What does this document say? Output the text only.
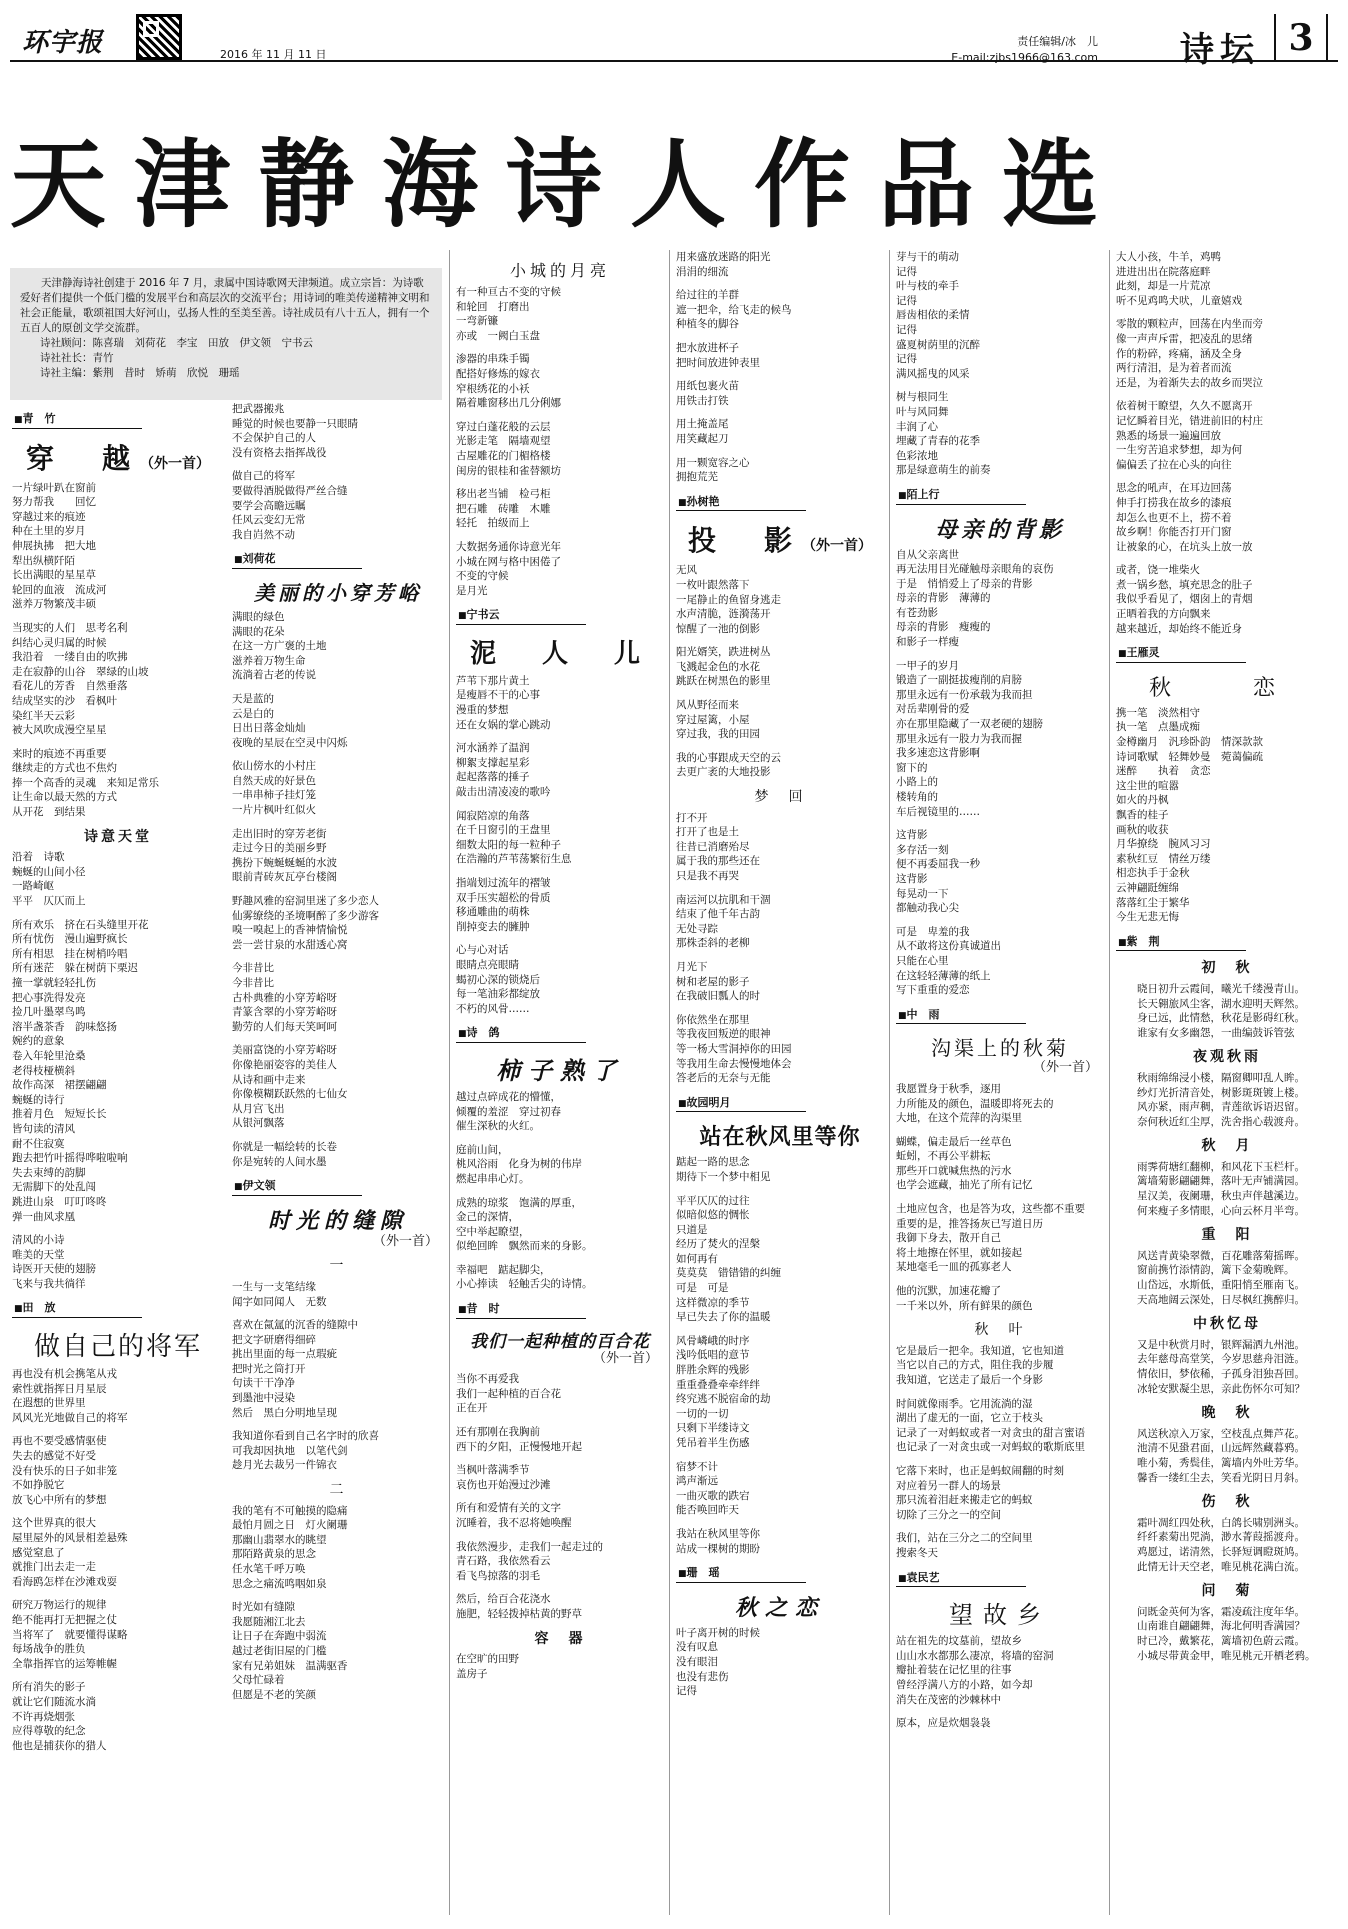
环宇报	2016 年 11 月 11 日
责任编辑/冰　儿
E-mail:zjbs1966@163.com 诗坛 3
天津静海诗人作品选

天津静海诗社创建于 2016 年 7 月，隶属中国诗歌网天津频道。成立宗旨：为诗歌爱好者们提供一个低门槛的发展平台和高层次的交流平台；用诗词的唯美传递精神文明和社会正能量，歌颂祖国大好河山，弘扬人性的至美至善。诗社成员有八十五人，拥有一个五百人的原创文学交流群。

诗社顾问：陈喜瑞　刘荷花　李宝　田放　伊文领　宁书云

诗社社长：青竹

诗社主编：紫荆　昔时　矫萌　欣悦　珊瑶

■ 青　竹
穿　越（外一首）
一片绿叶趴在窗前
努力帮我　　回忆
穿越过来的痕迹
种在土里的岁月
伸展执拂　把大地
犁出纵横阡陌
长出满眼的星星草
轮回的血液　流成河
滋养万物繁茂丰硕
当现实的人们　思考名利
纠结心灵归属的时候
我沿着　一缕自由的吹拂
走在寂静的山谷　翠绿的山坡
看花儿的芳香　自然垂落
结成坚实的沙　看枫叶
染红半天云彩
被大风吹成漫空星星
来时的痕迹不再重要
继续走的方式也不焦灼
捧一个高香的灵魂　来知足常乐
让生命以最天然的方式
从开花　到结果
诗意天堂
沿着　诗歌
蜿蜒的山间小径
一路崎岖
平平　仄仄而上
所有欢乐　挤在石头缝里开花
所有忧伤　漫山遍野疯长
所有相思　挂在树梢吟唱
所有迷茫　躲在树荫下栗迟
撞一掌就轻轻扎伤
把心事洗得发亮
捡几叶墨翠鸟鸣
溶半盏茶香　韵味悠扬
婉约的意象
卷入年轮里沧桑
老得枝桠横斜
故作高深　裙摆翩翩
蜿蜒的诗行
推着月色　短短长长
皆句读的清风
耐不住寂寞
跑去把竹叶摇得哗啦啦响
失去束缚的韵脚
无需脚下的处乱闯
跳进山泉　叮叮咚咚
弹一曲风求凰
清风的小诗
唯美的天堂
诗医开天使的翅膀
飞来与我共徜徉
■ 田　放
做自己的将军
再也没有机会携笔从戎
索性就指挥日月星辰
在遐想的世界里
风风光光地做自己的将军
再也不要受感情驱使
失去的感觉不好受
没有快乐的日子如非笼
不如挣脱它
放飞心中所有的梦想
这个世界真的很大
屋里屋外的风景相差悬殊
感觉窒息了
就推门出去走一走
看海鸥怎样在沙滩戏耍
研究万物运行的规律
绝不能再打无把握之仗
当将军了　就要懂得谋略
每场战争的胜负
全靠指挥官的运筹帷幄
所有消失的影子
就让它们随流水淌
不许再烧烟张
应得尊敬的纪念
他也是捕获你的猎人
把武器搬兆
睡觉的时候也要静一只眼睛
不会保护自己的人
没有资格去指挥战役
做自己的将军
要做得酒脱做得严丝合缝
要学会高瞻远瞩
任风云变幻无常
我自岿然不动
■ 刘荷花
美丽的小穿芳峪
满眼的绿色
满眼的花朵
在这一方广褒的土地
滋养着万物生命
流淌着古老的传说
天是蓝的
云是白的
日出日落金灿灿
夜晚的星辰在空灵中闪烁
依山傍水的小村庄
自然天成的好景色
一串串柿子挂灯笼
一片片枫叶红似火
走出旧时的穿芳老街
走过今日的美丽乡野
携扮下蜿蜒蜒蜒的水波
眼前青砖灰瓦亭台楼阁
野趣风雅的窑洞里迷了多少恋人
仙雾缭绕的圣境啊醉了多少游客
嗅一嗅起上的香神情愉悦
尝一尝甘泉的水甜透心窝
今非昔比
今非昔比
古朴典雅的小穿芳峪呀
青篆含翠的小穿芳峪呀
勤劳的人们每天笑呵呵
美丽富饶的小穿芳峪呀
你像艳丽姿容的美佳人
从诗和画中走来
你像模糊跃跃然的七仙女
从月宫飞出
从银河飘落
你就是一幅绘转的长卷
你是宛转的人间水墨
■ 伊文领
时光的缝隙
（外一首）
一
一生与一支笔结缘
闻字如同闻人　无数
喜欢在氤氲的沉香的缝隙中
把文字研磨得细碎
挑出里面的每一点瑕疵
把时光之筒打开
句读干干净净
到墨池中浸染
然后　黑白分明地呈现
我知道你看到自己名字时的欣喜
可我却因执地　以笔代剑
趁月光去裁另一件锦衣
二
我的笔有不可触摸的隐痛
最怕月圆之日　灯火阑珊
那幽山翡翠水的眺望
那陌路黄泉的思念
任水笔千呼万唤
思念之痛流鸣咽如泉
时光如有缝隙
我愿随湘江北去
让日子在奔跑中弱流
越过老街旧屋的门槛
家有兄弟姐妹　温满驱香
父母忙碌着
但愿是不老的笑颜
小城的月亮
有一种亘古不变的守候
和轮回　打磨出
一弯新镰
亦或　一阙白玉盘
渗器的串珠手镯
配搭好修炼的嫁衣
窄根绣花的小袄
隔着雕窗移出几分俐娜
穿过白蓬花般的云层
光影走笔　隔墙观望
古屋雕花的门楣格楼
闺房的银桂和雀替额坊
移出老当铺　检弓柜
把石雕　砖雕　木雕
轻托　拍级而上
大数据务通你诗意光年
小城在网与格中困倦了
不变的守候
是月光
■ 宁书云
泥　人　儿
芦苇下那片黄土
是瘦唇不干的心事
漫重的梦想
还在女娲的掌心跳动
河水涵养了温润
柳絮支撑起星彩
起起落落的捶子
敲击出清凌凌的歌吟
闻寂陪凉的角落
在千日窗引的王盘里
细数太阳的每一粒种子
在浩瀚的芦苇荡繁衍生息
指端划过流年的褶皱
双手压实超松的骨质
移通雕曲的萌株
削掉变去的臃肿
心与心对话
眼睛点亮眼睛
蝎初心深的锁烧后
每一笔油彩都绽放
不朽的风骨……
■ 诗　鸽
柿子熟了
越过点碎成花的懵懂，
倾覆的羞涩　穿过初春
催生深秋的火红。
庭前山间，
桃风浴雨　化身为树的伟岸
燃起串串心灯。
成熟的琼浆　饱满的厚重，
金己的深情，
空中举起瞭望，
似绝回眸　飘然而来的身影。
幸福吧　踮起脚尖，
小心捧读　轻触舌尖的诗情。
■ 昔　时
我们一起种植的百合花
（外一首）
当你不再爱我
我们一起种植的百合花
正在开
还有那刚在我胸前
西下的夕阳，正慢慢地开起
当枫叶落满季节
哀伤也开始漫过沙滩
所有和爱情有关的文字
沉睡着，我不忍将她唤醒
我依然漫步，走我们一起走过的
青石路，我依然看云
看飞鸟掠落的羽毛
然后，给百合花浇水
施肥，轻轻拨掉枯黄的野草
容　器
在空旷的田野
盖房子
用来盛放迷路的阳光
涓涓的细流
给过往的羊群
遮一把伞，给飞走的候鸟
种植冬的脚谷
把水放进杯子
把时间放进钟表里
用纸包裹火苗
用铁击打铁
用土掩盖尾
用笑藏起刀
用一颗宽容之心
拥抱荒芜
■ 孙树艳
投　影（外一首）
无风
一枚叶跟然落下
一尾静止的鱼留身逃走
水声清脆，涟漪荡开
惊醒了一池的倒影
阳光婿笑，跌进树丛
飞溅起金色的水花
跳跃在树黑色的影里
风从野径而来
穿过屋篱，小屋
穿过我，我的田园
我的心事跟成天空的云
去更广袤的大地投影
梦　回
打不开
打开了也是土
往昔已消磨殆尽
属于我的那些还在
只是我不再哭
南运河以抗肌和干涸
结束了他千年古韵
无处寻踪
那株歪斜的老柳
月光下
树和老屋的影子
在我破旧瓢人的时
你依然坐在那里
等我夜回叛逆的眼神
等一杨大雪洞掉你的田园
等我用生命去慢慢地体会
答老后的无奈与无能
■ 故园明月
站在秋风里等你
踮起一路的思念
期待下一个梦中相见
平平仄仄的过往
似暗似悠的惆怅
只道是
经历了焚火的涅槃
如何再有
莫莫莫　错错错的纠缠
可是　可是
这样微凉的季节
早已失去了你的温暖
风骨嶙峨的时序
浅吟低唱的意节
胖胜余辉的残影
重重叠叠牵牵绊绊
终究逃不脱宿命的劫
一切的一切
只剩下半缕诗文
凭吊着半生伤感
宿梦不计
鸿声渐远
一曲灭歌的跌宕
能否唤回昨天
我站在秋风里等你
站成一棵树的期盼
■ 珊　瑶
秋之恋
叶子离开树的时候
没有叹息
没有眼泪
也没有悲伤
记得
芽与干的萌动
记得
叶与枝的牵手
记得
唇齿相依的柔情
记得
盛夏树荫里的沉醉
记得
满风摇曳的风采
树与根同生
叶与风同舞
丰润了心
埋藏了青春的花季
色彩浓地
那是绿意萌生的前奏
■ 陌上行
母亲的背影
自从父亲离世
再无法用目光碰触母亲眼角的哀伤
于是　悄悄爱上了母亲的背影
母亲的背影　薄薄的
有苍劲影
母亲的背影　瘦瘦的
和影子一样瘦
一甲子的岁月
锻造了一副挺拔瘦削的肩膀
那里永远有一份承载为我而担
对岳辈刚骨的爱
亦在那里隐藏了一双老硬的翅膀
那里永远有一股力为我而握
我多速恋这背影啊
窗下的
小路上的
楼转角的
车后视镜里的……
这背影
多存活一刻
便不再委屈我一秒
这背影
每晃动一下
都触动我心尖
可是　卑羞的我
从不敢将这份真诚道出
只能在心里
在这轻轻薄薄的纸上
写下重重的爱恋
■ 中　雨
沟渠上的秋菊
（外一首）
我愿置身于秋季，逐用
力所能及的颜色，温暖即将死去的
大地，在这个荒萍的沟渠里
蝴蝶，偏走最后一丝草色
蚯蚓，不再公平耕耘
那些开口就喊焦热的污水
也学会遮藏，抽光了所有记忆
土地应包含，也是答为攻，这些都不重要
重要的是，推答扬灰已写道日历
我御下身去，散开自己
将土地擦在怀里，就如接起
某地毫毛一皿的孤寡老人
他的沉默，加速花瓣了
一千米以外，所有鲜果的颜色
秋　叶
它是最后一把伞。我知道，它也知道
当它以自己的方式，阻住我的步履
我知道，它送走了最后一个身影
时间就像雨季。它用流淌的湿
湖出了虚无的一面，它立于枝头
记录了一对蚂蚁或者一对贪虫的甜言蜜语
也记录了一对贪虫或一对蚂蚁的歌斯底里
它落下来时，也正是蚂蚁闹翻的时刻
对应着另一群人的场景
那只流着泪赶来搬走它的蚂蚁
切除了三分之一的空间
我们，站在三分之二的空间里
搜索冬天
■ 袁民艺
望故乡
站在祖先的坟墓前，望故乡
山山水水都那么凄凉，将墙的窑洞
瓣扯着装在记忆里的往事
曾经浮满八方的小路，如今却
消失在茂密的沙棘林中
原本，应是炊烟袅袅
大人小孩，牛羊，鸡鸭
进进出出在院落庭畔
此刻，却是一片荒凉
听不见鸡鸣犬吠，儿童嬉戏
零散的颗粒声，回荡在内坐而旁
像一声声斥雷，把凌乱的思绪
作的粉碎，疼痛，涵及全身
两行清泪，是为着者而流
还是，为着渐失去的故乡而哭泣
依着树干瞭望，久久不愿离开
记忆瞬着目光，错进前旧的村庄
熟悉的场景一遍遍回放
一生穷苦追求梦想，却为何
偏偏丢了拉在心头的向往
思念的吼声，在耳边回荡
伸手打捞我在故乡的漆痕
却怎么也更不上，捞不着
故乡啊！你能否打开门窗
让被象的心，在坑头上放一放
或者，饶一堆柴火
煮一锅乡愁，填充思念的肚子
我似乎看见了，烟囱上的青烟
正晒着我的方向飘来
越来越近，却始终不能近身
■ 王雁灵
秋　恋
携一笔　淡然相守
执一笔　点墨成痴
金樽幽月　汎珍卧韵　情深款款
诗词歌赋　轻舞妙曼　菀蔼偏疏
迷醉　　执着　贪恋
这尘世的喧嚣
如火的丹枫
飘香的桂子
画秋的收获
月华撩绕　腕风习习
素秋红豆　情丝万缕
相恋执手于金秋
云神翩跹缠绵
落落红尘于繁华
今生无悲无悔
■ 紫　荆
初　秋
晓日初升云霞间，曦光千缕漫青山。
长天翱旅风尘客，湖水迎明天辉然。
身已远，此情愁，秋花是影碍红秋。
谁家有女多幽怨，一曲编鼓诉管弦
夜观秋雨
秋雨绵绵浸小楼，隔窗卿叩乱人眸。
纱灯光折清音处，树影斑斑镀上楼。
风亦紧，雨声稠，青莲欲诉语迟留。
奈何秋近红尘厚，洗舍指心载渡舟。
秋　月
雨霁荷塘红翻柳，和风花下玉栏杆。
篱墙菊影翩翩舞，落叶无声铺满园。
星汉美，夜阑珊，秋虫声伴越溪边。
何来瘦子多情眼，心向云杯月半弯。
重　阳
风送青黄染翠微，百花雕落菊摇晖。
窗前携竹添情韵，篱下金菊晚辉。
山岱远，水斯低，重阳悄至雁南飞。
天高地阔云深处，日尽枫红携醉归。
中秋忆母
又是中秋赏月时，银辉漏洒九州池。
去年慈母高堂笑，今岁思慈舟泪涟。
情依旧，梦依稀，子孤身泪独吾回。
冰轮安默凝尘思，亲此伤怀尔可知？
晚　秋
风送秋凉入万家，空枝乱点舞芦花。
池清不见蛩君面，山远辉然藏暮鸦。
唯小菊，秀鬓佳，篱墙内外吐芳华。
馨香一缕红尘去，笑看光阴日月斜。
伤　秋
霜叶凋红四处秋，白鸽长啸别洲头。
纤纤素菊出兕淌，渺水菁葭摇渡舟。
鸡愿过，诺清然，长驿短调瞪斑鸠。
此情无计天空老，唯见桃花满白流。
问　菊
问既金英何为客，霜凌疏注度年华。
山南谁自翩翩舞，海北何明香满园？
时已冷，戴繁花，篱墙初色蔚云霞。
小城尽带黄金甲，唯见桃元开栖老鸦。
